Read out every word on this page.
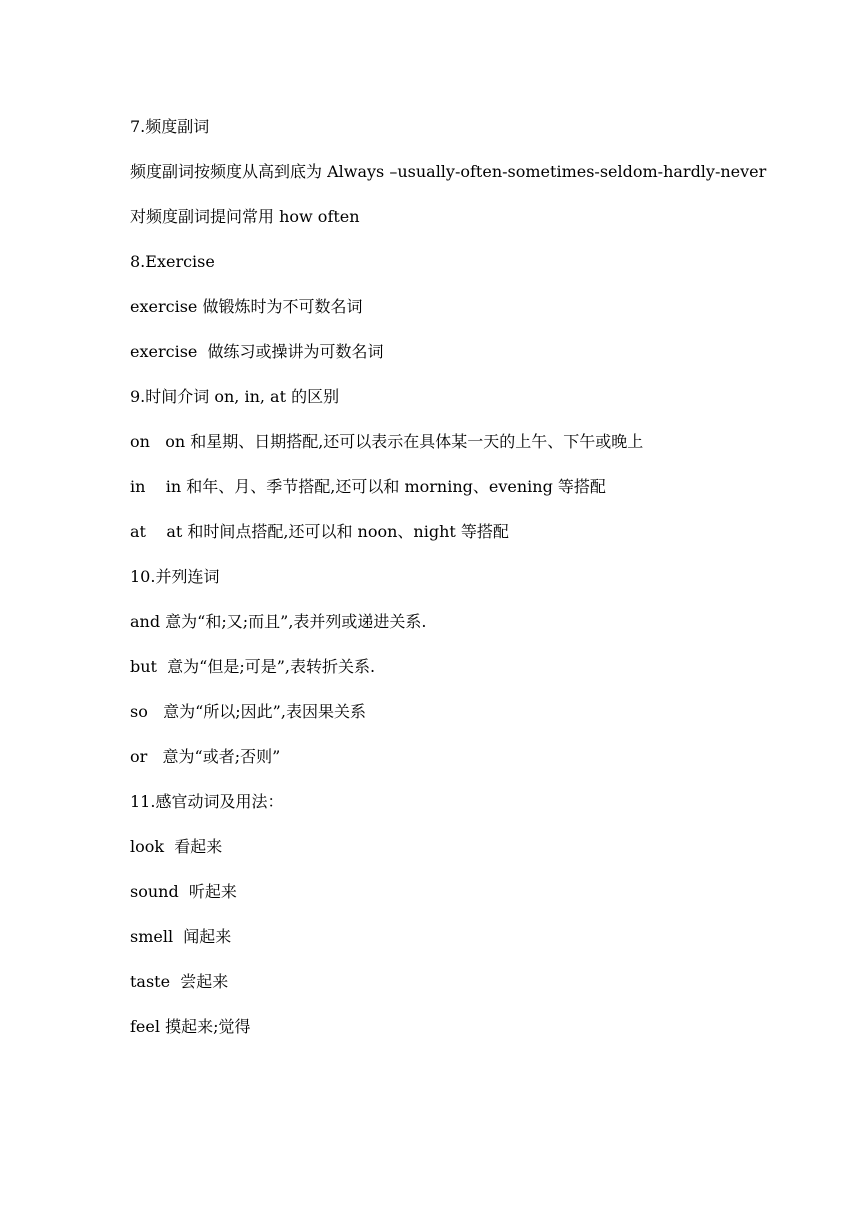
7.频度副词
频度副词按频度从高到底为 Always –usually-often-sometimes-seldom-hardly-never
对频度副词提问常用 how often
8.Exercise
exercise 做锻炼时为不可数名词
exercise  做练习或操讲为可数名词
9.时间介词 on, in, at 的区别
on   on 和星期、日期搭配,还可以表示在具体某一天的上午、下午或晚上
in    in 和年、月、季节搭配,还可以和 morning、evening 等搭配
at    at 和时间点搭配,还可以和 noon、night 等搭配
10.并列连词
and 意为“和;又;而且”,表并列或递进关系.
but  意为“但是;可是”,表转折关系.
so   意为“所以;因此”,表因果关系
or   意为“或者;否则”
11.感官动词及用法：
look  看起来
sound  听起来
smell  闻起来
taste  尝起来
feel 摸起来;觉得
